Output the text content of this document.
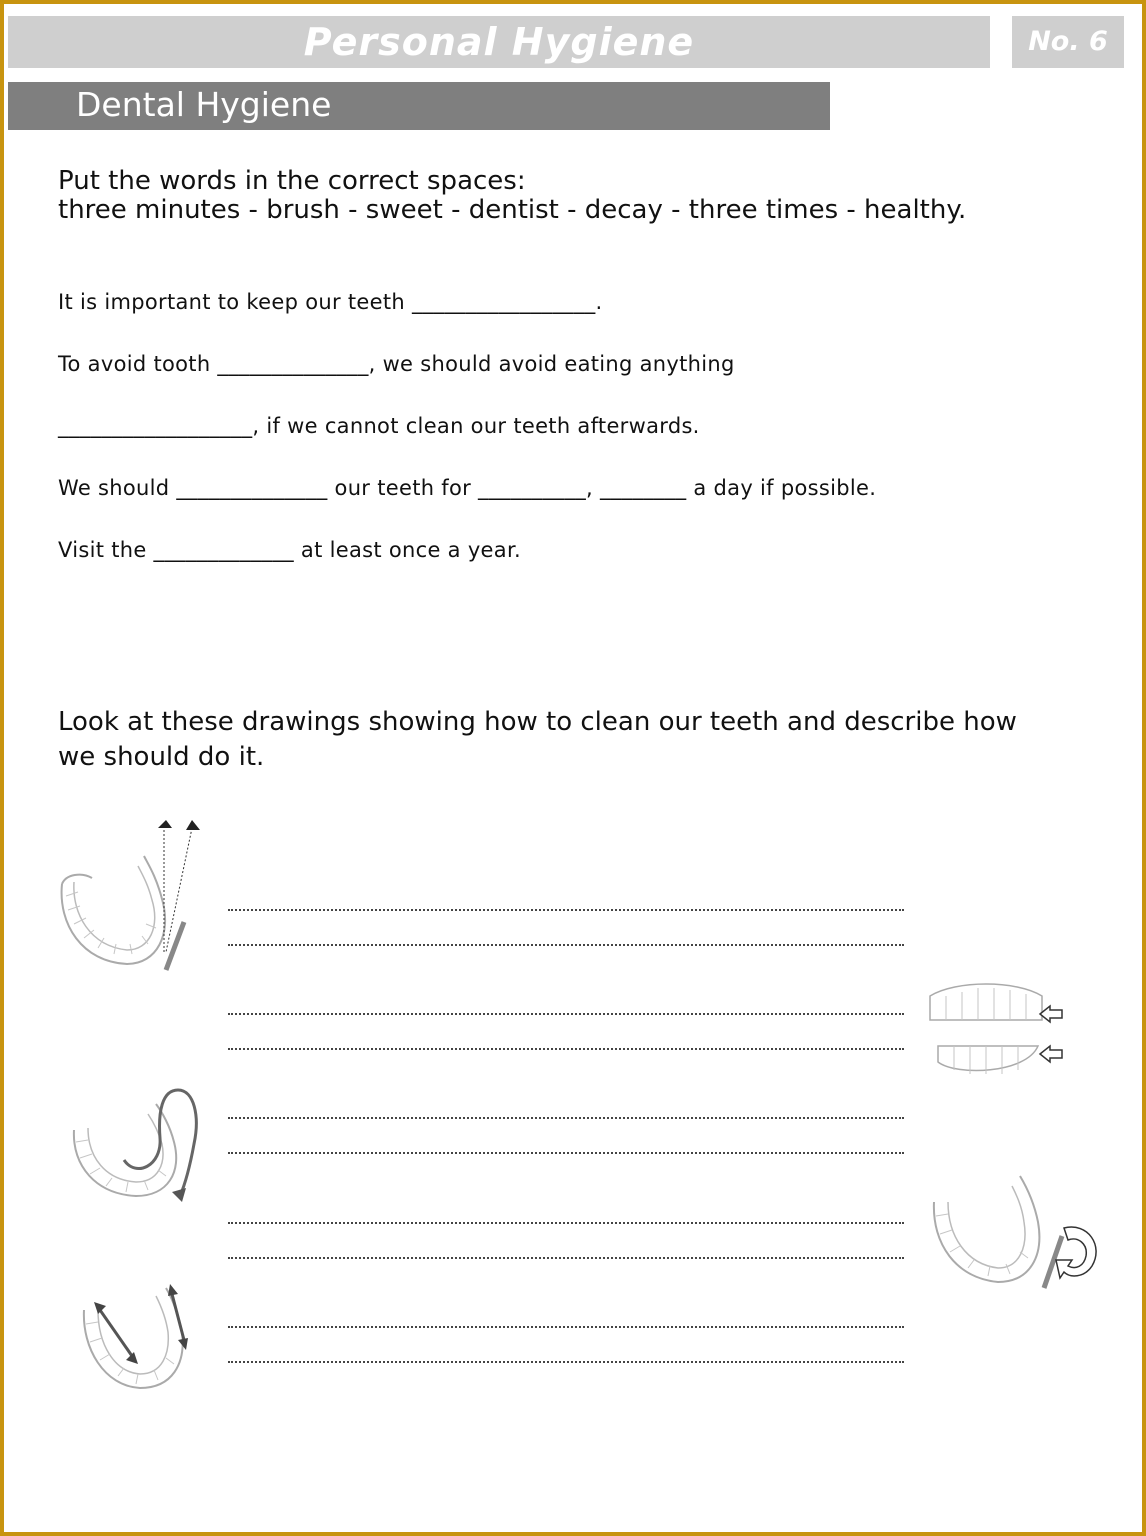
Personal Hygiene	No. 6
Dental Hygiene
Put the words in the correct spaces:
three minutes - brush - sweet - dentist - decay - three times - healthy.
It is important to keep our teeth _________________.
To avoid tooth ______________, we should avoid eating anything
__________________, if we cannot clean our teeth afterwards.
We should ______________ our teeth for __________, ________ a day if possible.
Visit the _____________ at least once a year.
Look at these drawings showing how to clean our teeth and describe how
we should do it.
